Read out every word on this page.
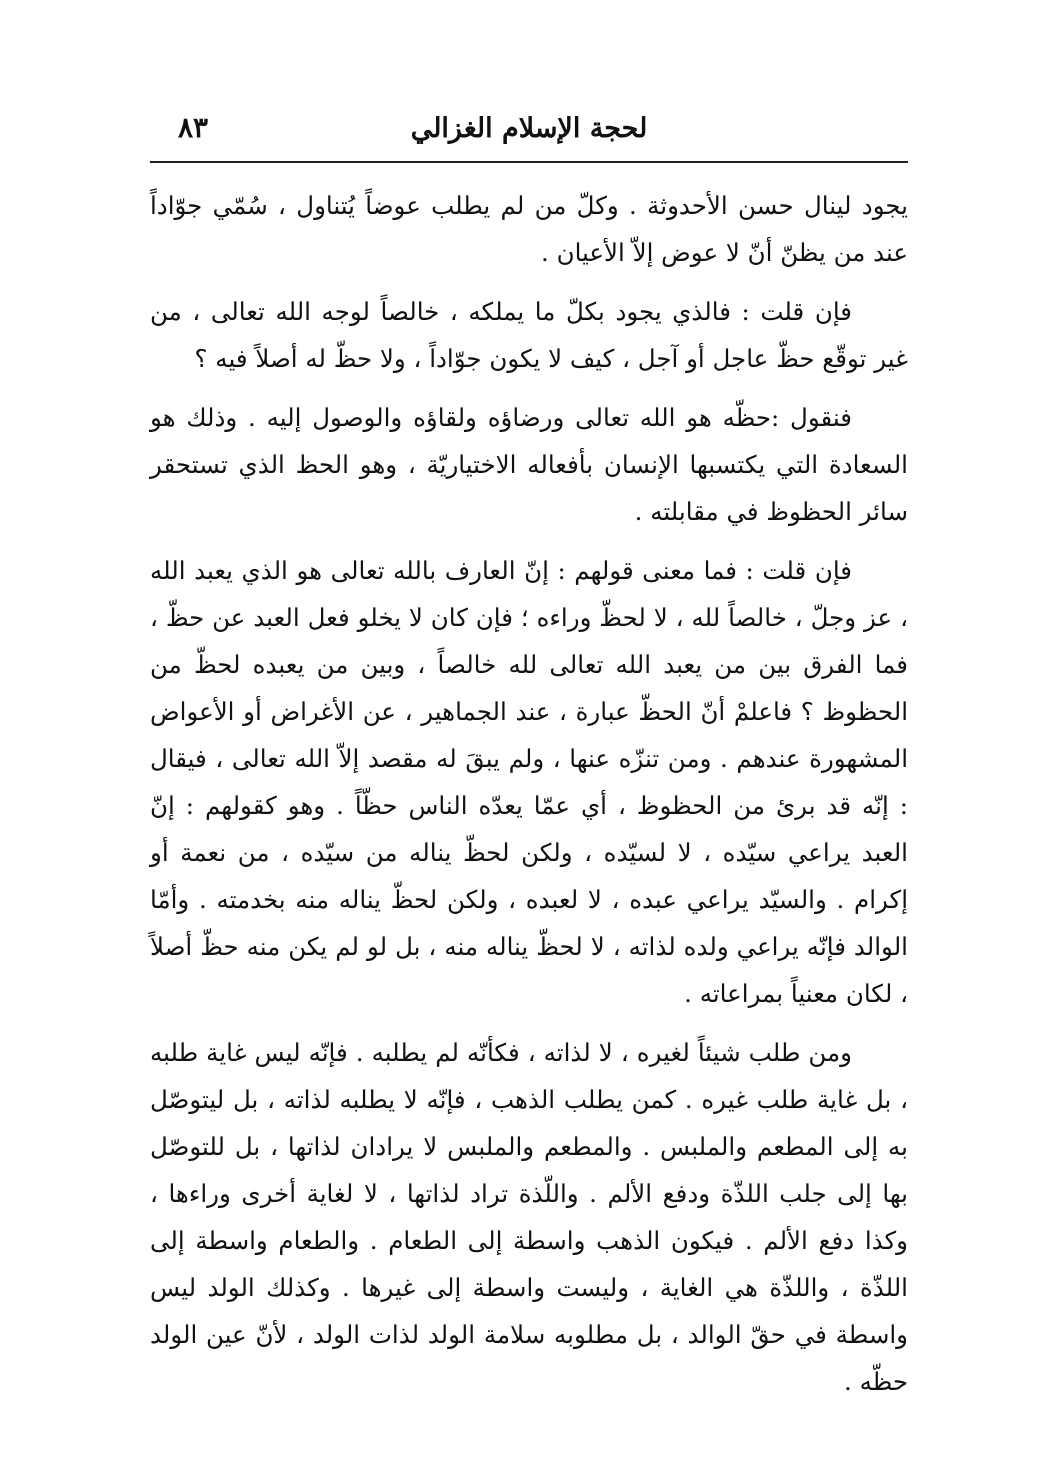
٨٣	لحجة الإسلام الغزالي

يجود لينال حسن الأحدوثة . وكلّ من لم يطلب عوضاً يُتناول ، سُمّي جوّاداً عند من يظنّ أنّ لا عوض إلاّ الأعيان .

فإن قلت : فالذي يجود بكلّ ما يملكه ، خالصاً لوجه الله تعالى ، من غير توقّع حظّ عاجل أو آجل ، كيف لا يكون جوّاداً ، ولا حظّ له أصلاً فيه ؟

فنقول :حظّه هو الله تعالى ورضاؤه ولقاؤه والوصول إليه . وذلك هو السعادة التي يكتسبها الإنسان بأفعاله الاختياريّة ، وهو الحظ الذي تستحقر سائر الحظوظ في مقابلته .

فإن قلت : فما معنى قولهم : إنّ العارف بالله تعالى هو الذي يعبد الله ، عز وجلّ ، خالصاً لله ، لا لحظّ وراءه ؛ فإن كان لا يخلو فعل العبد عن حظّ ، فما الفرق بين من يعبد الله تعالى لله خالصاً ، وبين من يعبده لحظّ من الحظوظ ؟ فاعلمْ أنّ الحظّ عبارة ، عند الجماهير ، عن الأغراض أو الأعواض المشهورة عندهم . ومن تنزّه عنها ، ولم يبقَ له مقصد إلاّ الله تعالى ، فيقال : إنّه قد برئ من الحظوظ ، أي عمّا يعدّه الناس حظّاً . وهو كقولهم : إنّ العبد يراعي سيّده ، لا لسيّده ، ولكن لحظّ يناله من سيّده ، من نعمة أو إكرام . والسيّد يراعي عبده ، لا لعبده ، ولكن لحظّ يناله منه بخدمته . وأمّا الوالد فإنّه يراعي ولده لذاته ، لا لحظّ يناله منه ، بل لو لم يكن منه حظّ أصلاً ، لكان معنياً بمراعاته .

ومن طلب شيئاً لغيره ، لا لذاته ، فكأنّه لم يطلبه . فإنّه ليس غاية طلبه ، بل غاية طلب غيره . كمن يطلب الذهب ، فإنّه لا يطلبه لذاته ، بل ليتوصّل به إلى المطعم والملبس . والمطعم والملبس لا يرادان لذاتها ، بل للتوصّل بها إلى جلب اللذّة ودفع الألم . واللّذة تراد لذاتها ، لا لغاية أخرى وراءها ، وكذا دفع الألم . فيكون الذهب واسطة إلى الطعام . والطعام واسطة إلى اللذّة ، واللذّة هي الغاية ، وليست واسطة إلى غيرها . وكذلك الولد ليس واسطة في حقّ الوالد ، بل مطلوبه سلامة الولد لذات الولد ، لأنّ عين الولد حظّه .
